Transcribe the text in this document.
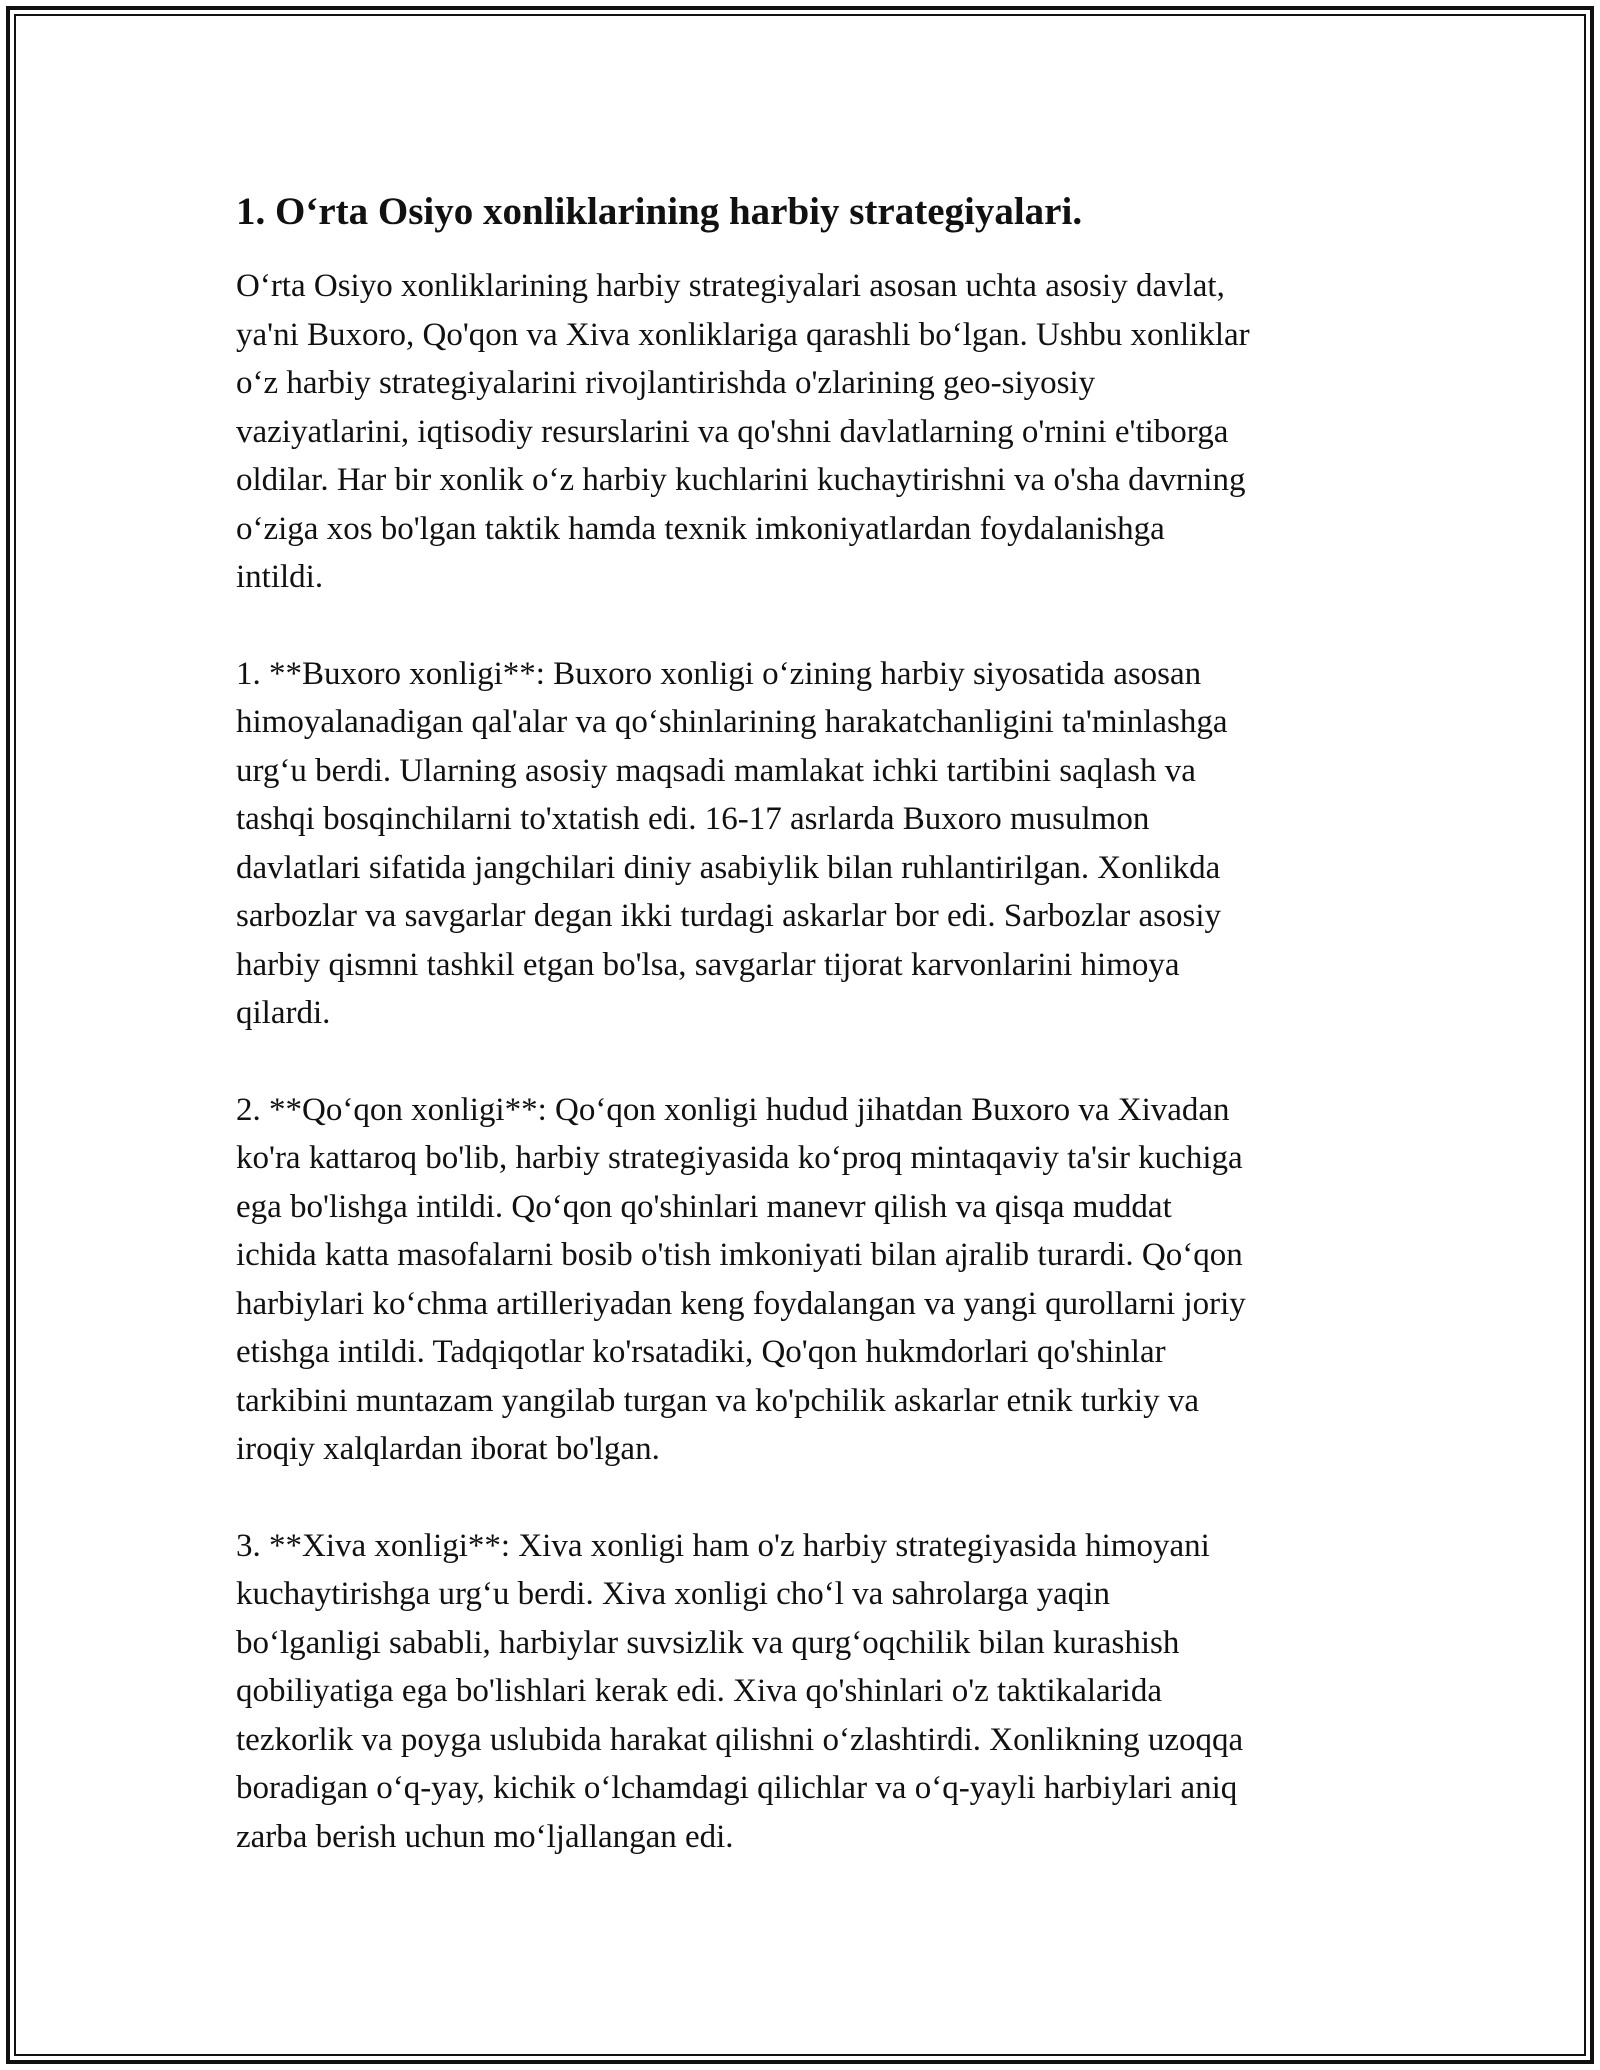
1. O‘rta Osiyo xonliklarining harbiy strategiyalari.

O‘rta Osiyo xonliklarining harbiy strategiyalari asosan uchta asosiy davlat,
ya'ni Buxoro, Qo'qon va Xiva xonliklariga qarashli bo‘lgan. Ushbu xonliklar
o‘z harbiy strategiyalarini rivojlantirishda o'zlarining geo-siyosiy
vaziyatlarini, iqtisodiy resurslarini va qo'shni davlatlarning o'rnini e'tiborga
oldilar. Har bir xonlik o‘z harbiy kuchlarini kuchaytirishni va o'sha davrning
o‘ziga xos bo'lgan taktik hamda texnik imkoniyatlardan foydalanishga
intildi.

1. **Buxoro xonligi**: Buxoro xonligi o‘zining harbiy siyosatida asosan
himoyalanadigan qal'alar va qo‘shinlarining harakatchanligini ta'minlashga
urg‘u berdi. Ularning asosiy maqsadi mamlakat ichki tartibini saqlash va
tashqi bosqinchilarni to'xtatish edi. 16-17 asrlarda Buxoro musulmon
davlatlari sifatida jangchilari diniy asabiylik bilan ruhlantirilgan. Xonlikda
sarbozlar va savgarlar degan ikki turdagi askarlar bor edi. Sarbozlar asosiy
harbiy qismni tashkil etgan bo'lsa, savgarlar tijorat karvonlarini himoya
qilardi.

2. **Qo‘qon xonligi**: Qo‘qon xonligi hudud jihatdan Buxoro va Xivadan
ko'ra kattaroq bo'lib, harbiy strategiyasida ko‘proq mintaqaviy ta'sir kuchiga
ega bo'lishga intildi. Qo‘qon qo'shinlari manevr qilish va qisqa muddat
ichida katta masofalarni bosib o'tish imkoniyati bilan ajralib turardi. Qo‘qon
harbiylari ko‘chma artilleriyadan keng foydalangan va yangi qurollarni joriy
etishga intildi. Tadqiqotlar ko'rsatadiki, Qo'qon hukmdorlari qo'shinlar
tarkibini muntazam yangilab turgan va ko'pchilik askarlar etnik turkiy va
iroqiy xalqlardan iborat bo'lgan.

3. **Xiva xonligi**: Xiva xonligi ham o'z harbiy strategiyasida himoyani
kuchaytirishga urg‘u berdi. Xiva xonligi cho‘l va sahrolarga yaqin
bo‘lganligi sababli, harbiylar suvsizlik va qurg‘oqchilik bilan kurashish
qobiliyatiga ega bo'lishlari kerak edi. Xiva qo'shinlari o'z taktikalarida
tezkorlik va poyga uslubida harakat qilishni o‘zlashtirdi. Xonlikning uzoqqa
boradigan o‘q-yay, kichik o‘lchamdagi qilichlar va o‘q-yayli harbiylari aniq
zarba berish uchun mo‘ljallangan edi.
